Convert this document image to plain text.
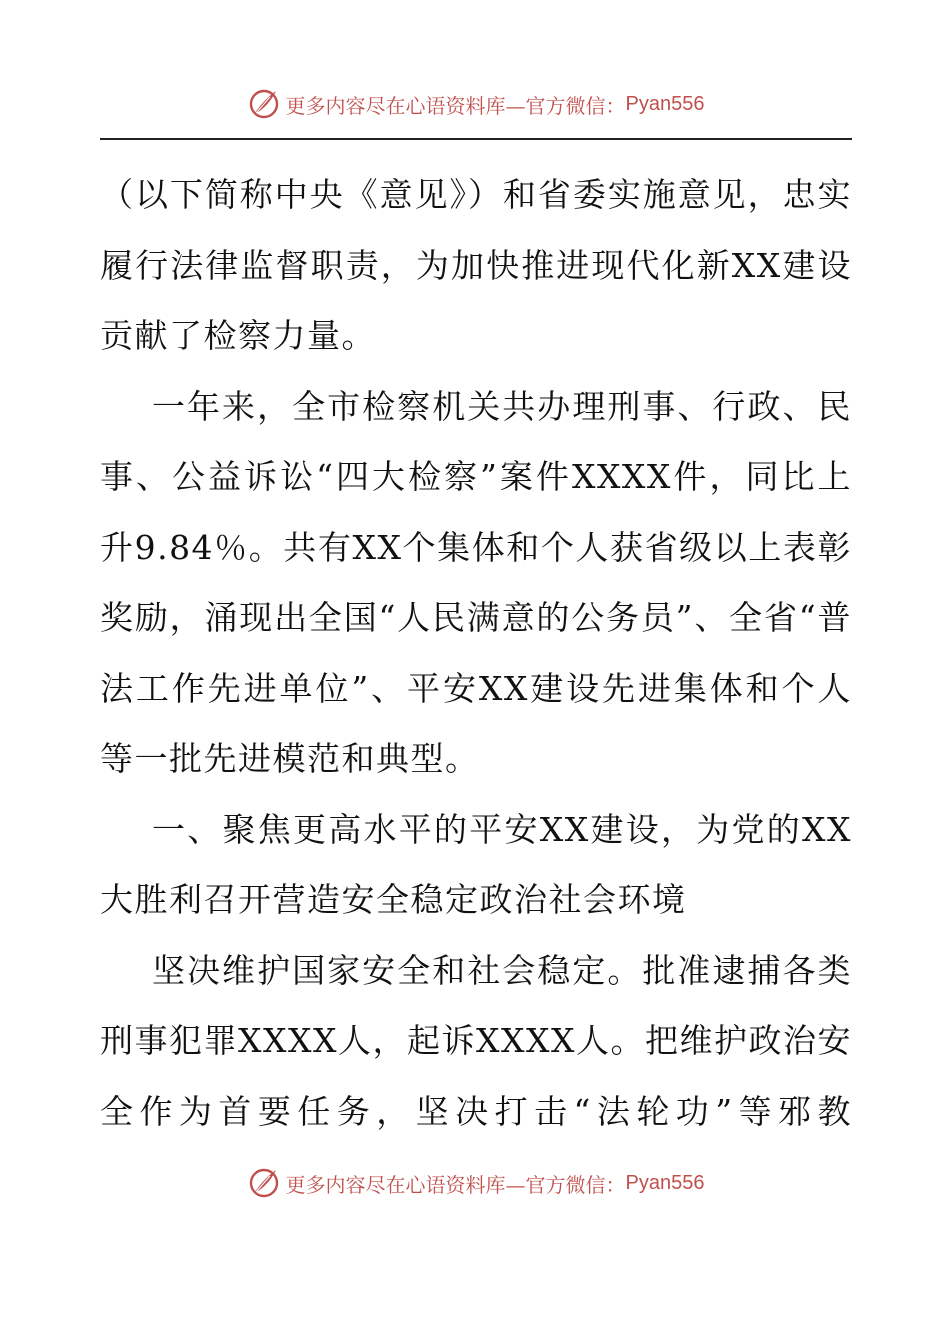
更多内容尽在心语资料库— 官方微信： Pyan556

（以下简称中央《意见》）和省委实施意见，忠实履行法律监督职责，为加快推进现代化新XX建设贡献了检察力量。

一年来，全市检察机关共办理刑事、行政、民事、公益诉讼“四大检察”案件XXXX件，同比上升9.84％。共有XX个集体和个人获省级以上表彰奖励，涌现出全国“人民满意的公务员”、全省“普法工作先进单位”、平安XX建设先进集体和个人等一批先进模范和典型。

一、聚焦更高水平的平安XX建设，为党的XX大胜利召开营造安全稳定政治社会环境

坚决维护国家安全和社会稳定。批准逮捕各类刑事犯罪XXXX人，起诉XXXX人。把维护政治安全作为首要任务，坚决打击“法轮功”等邪教

更多内容尽在心语资料库— 官方微信： Pyan556
